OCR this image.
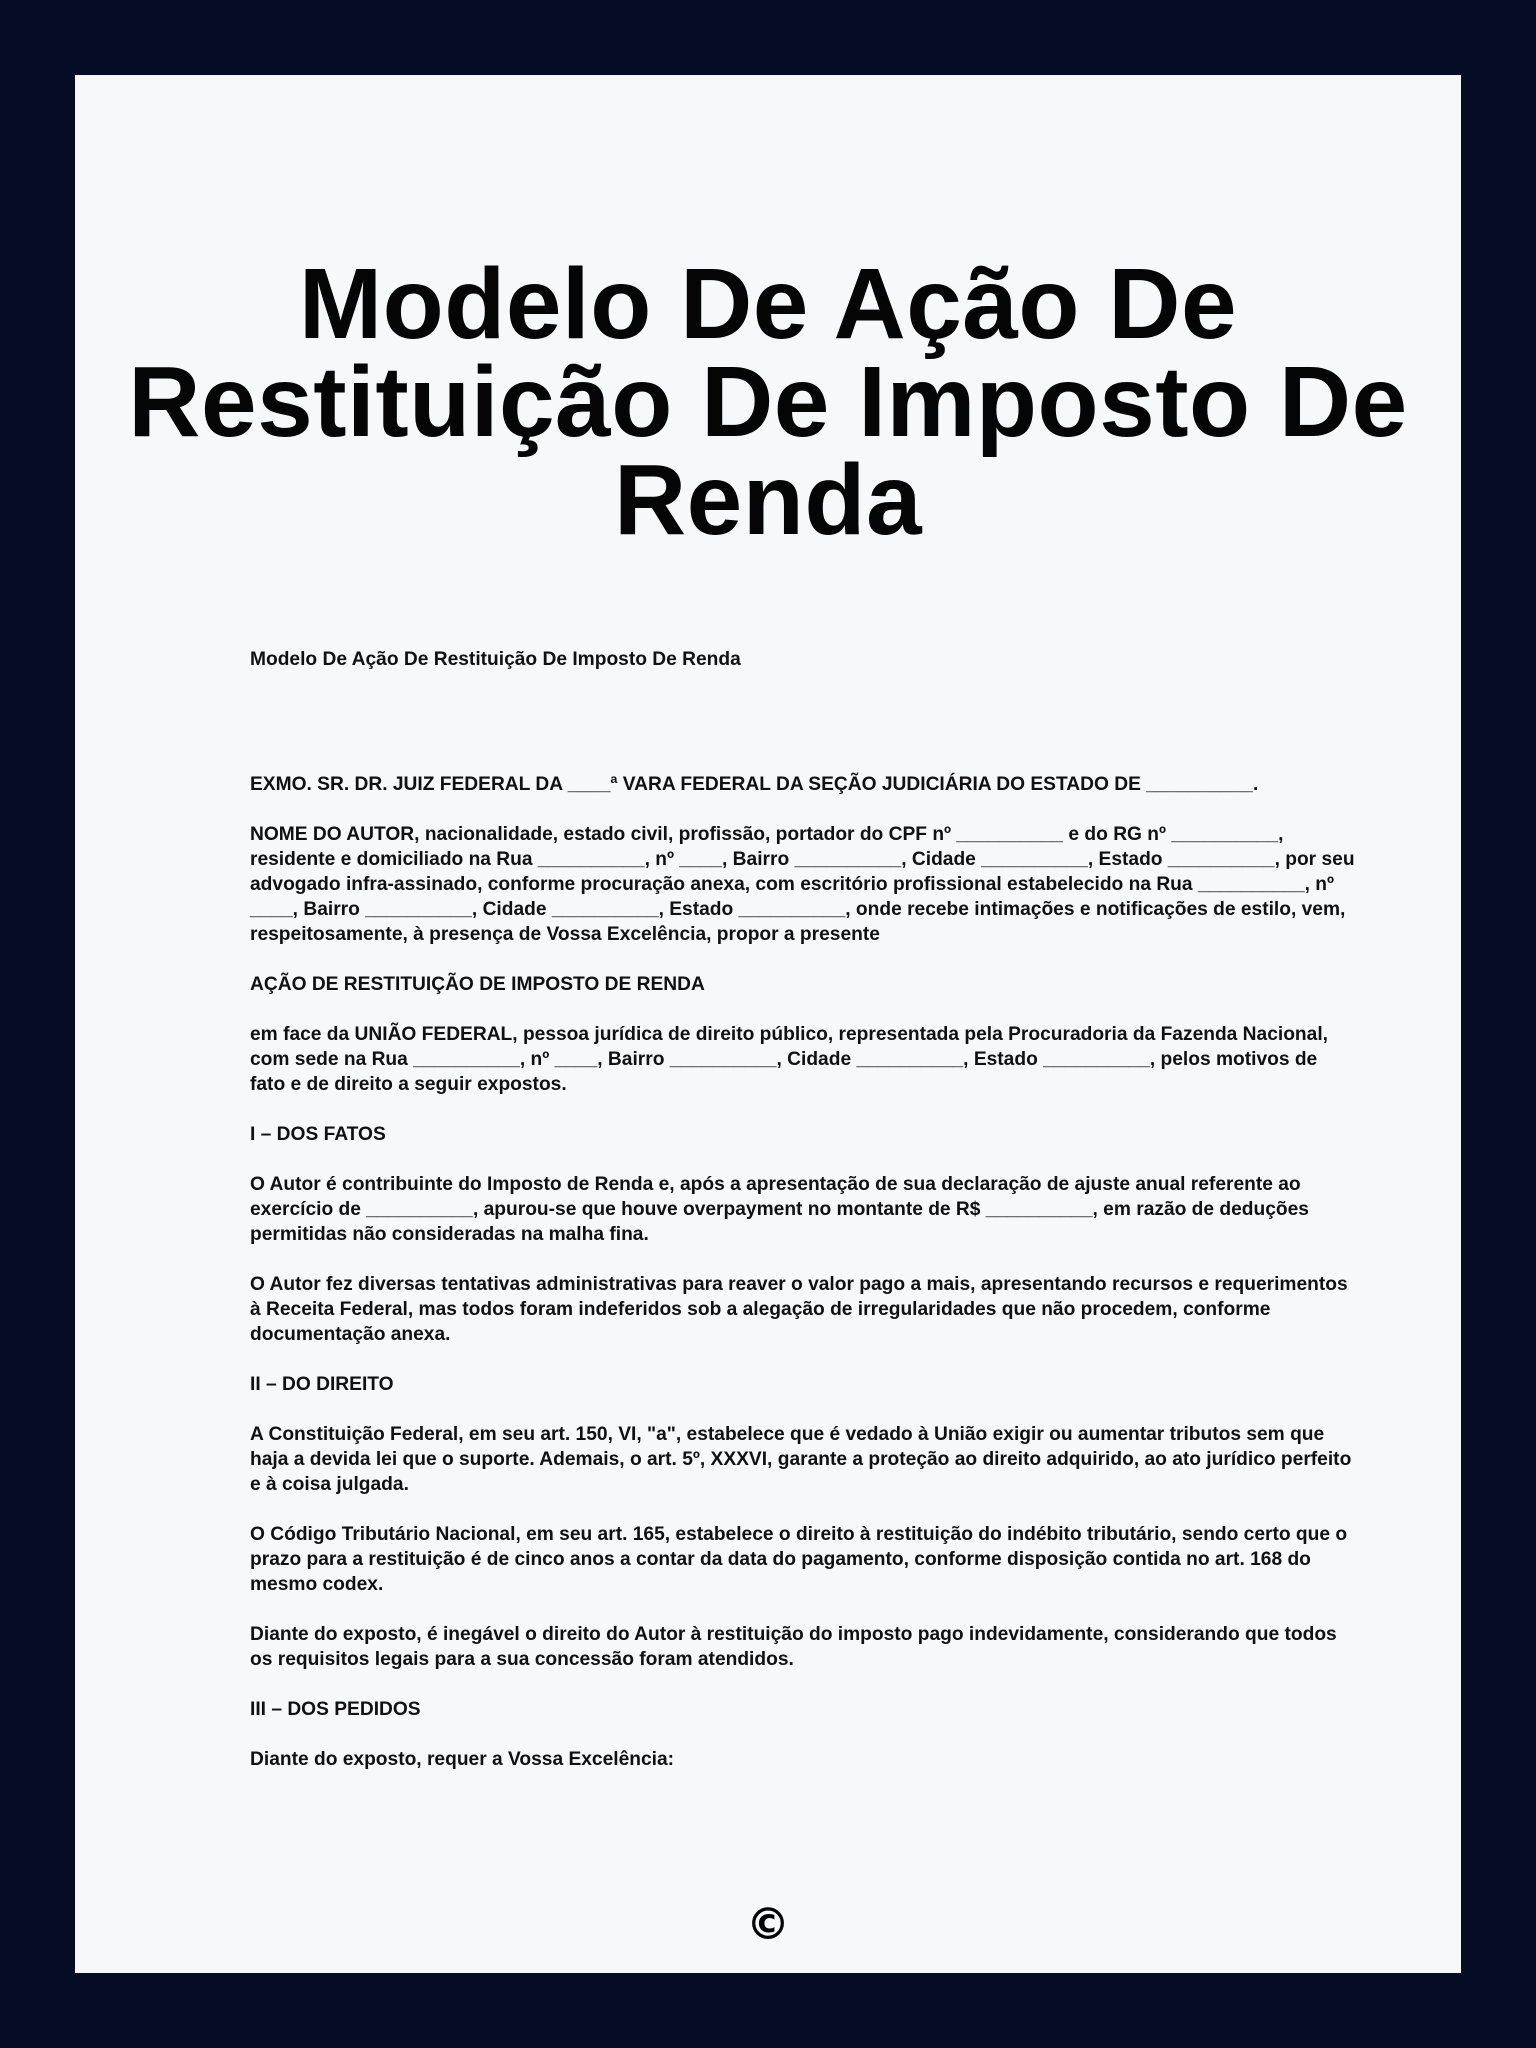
Modelo De Ação De Restituição De Imposto De Renda

Modelo De Ação De Restituição De Imposto De Renda

EXMO. SR. DR. JUIZ FEDERAL DA ____ª VARA FEDERAL DA SEÇÃO JUDICIÁRIA DO ESTADO DE __________.

NOME DO AUTOR, nacionalidade, estado civil, profissão, portador do CPF nº __________ e do RG nº __________, residente e domiciliado na Rua __________, nº ____, Bairro __________, Cidade __________, Estado __________, por seu advogado infra-assinado, conforme procuração anexa, com escritório profissional estabelecido na Rua __________, nº ____, Bairro __________, Cidade __________, Estado __________, onde recebe intimações e notificações de estilo, vem, respeitosamente, à presença de Vossa Excelência, propor a presente

AÇÃO DE RESTITUIÇÃO DE IMPOSTO DE RENDA

em face da UNIÃO FEDERAL, pessoa jurídica de direito público, representada pela Procuradoria da Fazenda Nacional, com sede na Rua __________, nº ____, Bairro __________, Cidade __________, Estado __________, pelos motivos de fato e de direito a seguir expostos.

I – DOS FATOS

O Autor é contribuinte do Imposto de Renda e, após a apresentação de sua declaração de ajuste anual referente ao exercício de __________, apurou-se que houve overpayment no montante de R$ __________, em razão de deduções permitidas não consideradas na malha fina.

O Autor fez diversas tentativas administrativas para reaver o valor pago a mais, apresentando recursos e requerimentos à Receita Federal, mas todos foram indeferidos sob a alegação de irregularidades que não procedem, conforme documentação anexa.

II – DO DIREITO

A Constituição Federal, em seu art. 150, VI, "a", estabelece que é vedado à União exigir ou aumentar tributos sem que haja a devida lei que o suporte. Ademais, o art. 5º, XXXVI, garante a proteção ao direito adquirido, ao ato jurídico perfeito e à coisa julgada.

O Código Tributário Nacional, em seu art. 165, estabelece o direito à restituição do indébito tributário, sendo certo que o prazo para a restituição é de cinco anos a contar da data do pagamento, conforme disposição contida no art. 168 do mesmo codex.

Diante do exposto, é inegável o direito do Autor à restituição do imposto pago indevidamente, considerando que todos os requisitos legais para a sua concessão foram atendidos.

III – DOS PEDIDOS

Diante do exposto, requer a Vossa Excelência:

©
